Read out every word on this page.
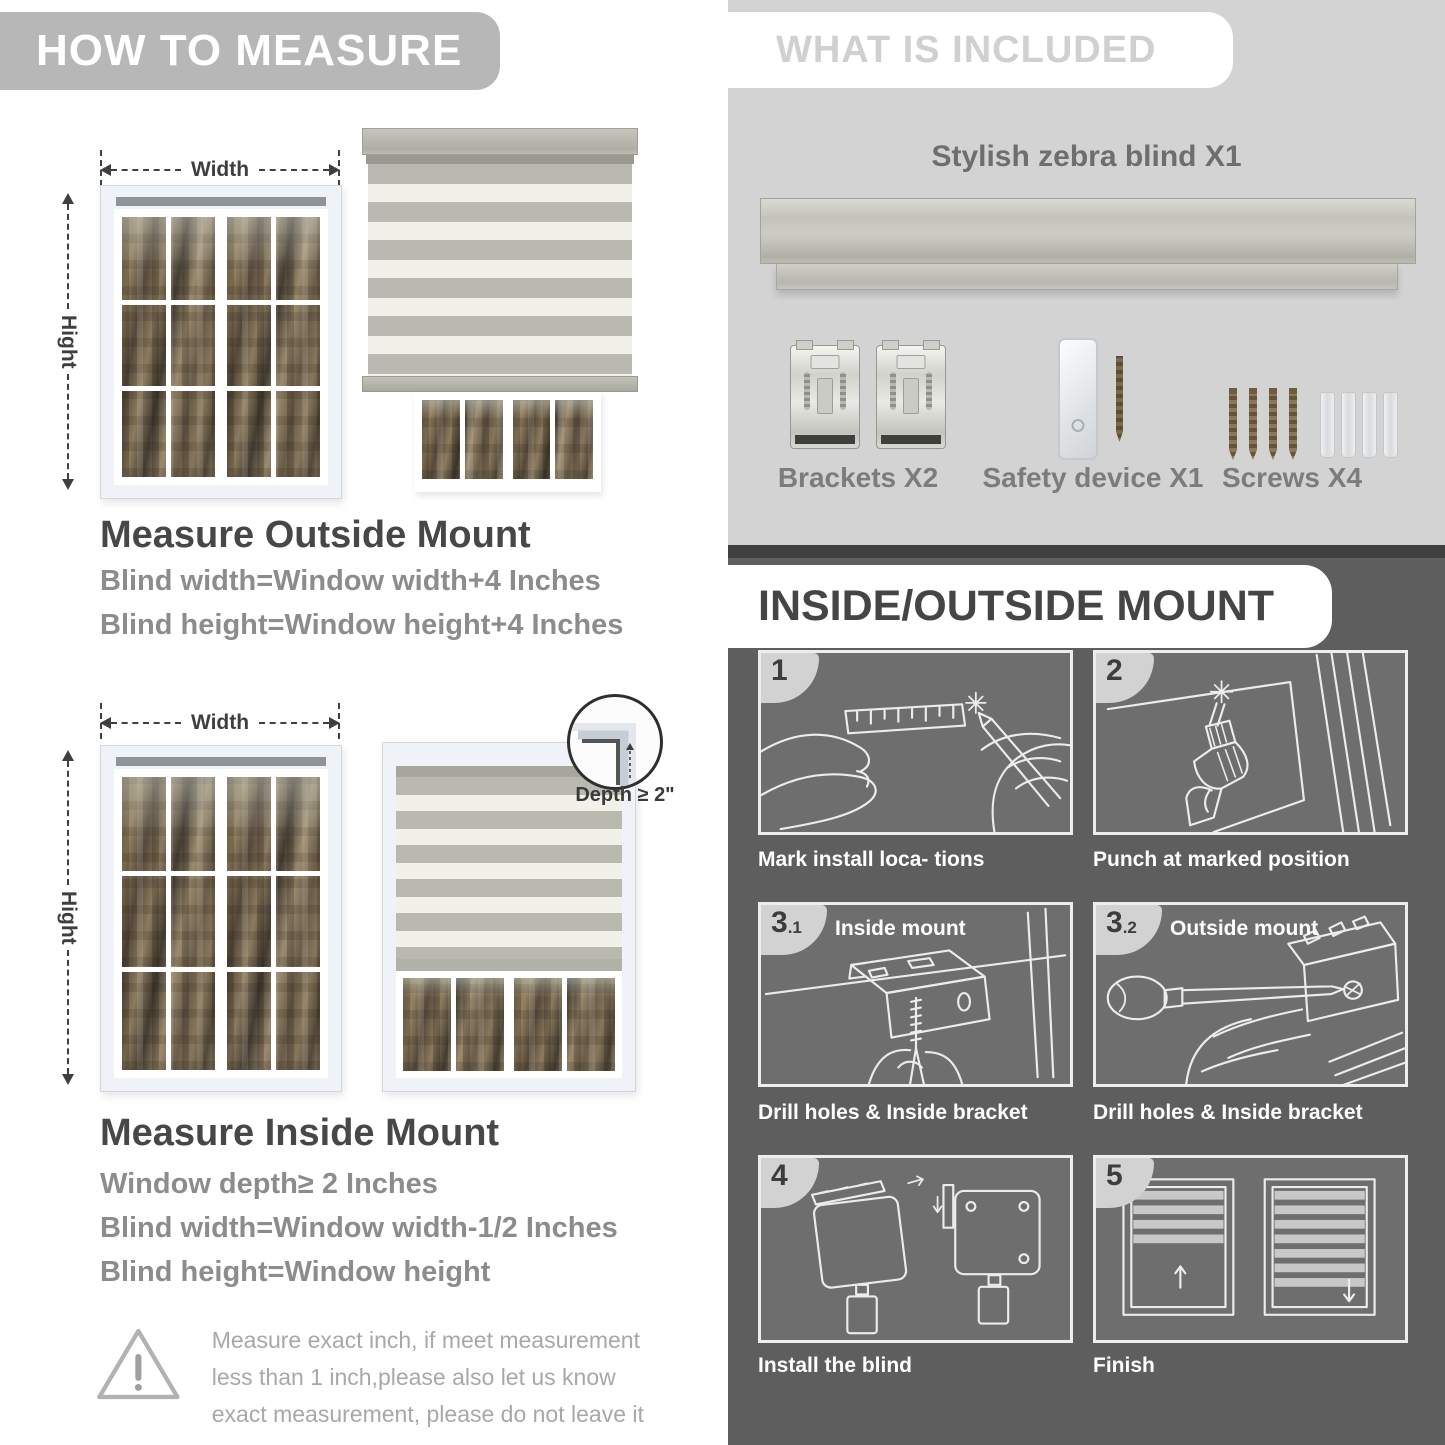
HOW TO MEASURE
Width
Hight
Measure Outside Mount
Blind width=Window width+4 Inches
Blind height=Window height+4 Inches
Width
Hight
Depth ≥ 2"
Measure Inside Mount
Window depth≥ 2 Inches
Blind width=Window width-1/2 Inches
Blind height=Window height
Measure exact inch, if meet measurement less than 1 inch,please also let us know exact measurement, please do not leave it
WHAT IS INCLUDED
Stylish zebra blind X1
Brackets X2	Safety device X1 Screws X4
INSIDE/OUTSIDE MOUNT
1
Mark install loca- tions
2
Punch at marked position
3 .1 Inside mount
Drill holes & Inside bracket
3 .2 Outside mount
Drill holes & Inside bracket
4
Install the blind
5
Finish
